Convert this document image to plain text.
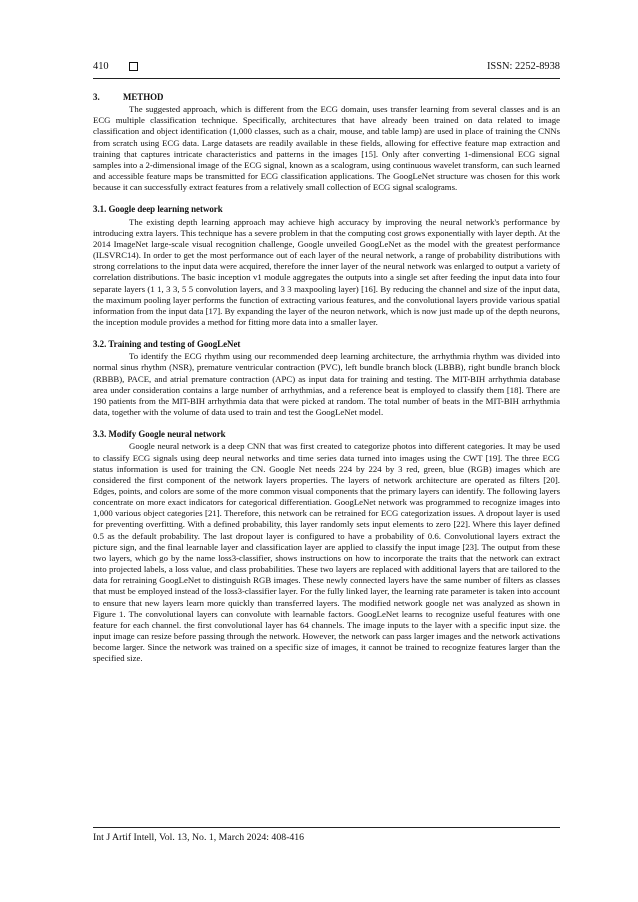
410	ISSN: 2252-8938
3.	METHOD

The suggested approach, which is different from the ECG domain, uses transfer learning from several classes and is an ECG multiple classification technique. Specifically, architectures that have already been trained on data related to image classification and object identification (1,000 classes, such as a chair, mouse, and table lamp) are used in place of training the CNNs from scratch using ECG data. Large datasets are readily available in these fields, allowing for effective feature map extraction and training that captures intricate characteristics and patterns in the images [15]. Only after converting 1-dimensional ECG signal samples into a 2-dimensional image of the ECG signal, known as a scalogram, using continuous wavelet transform, can such learned and accessible feature maps be transmitted for ECG classification applications. The GoogLeNet structure was chosen for this work because it can successfully extract features from a relatively small collection of ECG signal scalograms.

3.1. Google deep learning network

The existing depth learning approach may achieve high accuracy by improving the neural network's performance by introducing extra layers. This technique has a severe problem in that the computing cost grows exponentially with layer depth. At the 2014 ImageNet large-scale visual recognition challenge, Google unveiled GoogLeNet as the model with the greatest performance (ILSVRC14). In order to get the most performance out of each layer of the neural network, a range of probability distributions with strong correlations to the input data were acquired, therefore the inner layer of the neural network was enlarged to output a variety of correlation distributions. The basic inception v1 module aggregates the outputs into a single set after feeding the input data into four separate layers (1 1, 3 3, 5 5 convolution layers, and 3 3 maxpooling layer) [16]. By reducing the channel and size of the input data, the maximum pooling layer performs the function of extracting various features, and the convolutional layers provide various spatial information from the input data [17]. By expanding the layer of the neuron network, which is now just made up of the depth neurons, the inception module provides a method for fitting more data into a smaller layer.

3.2. Training and testing of GoogLeNet

To identify the ECG rhythm using our recommended deep learning architecture, the arrhythmia rhythm was divided into normal sinus rhythm (NSR), premature ventricular contraction (PVC), left bundle branch block (LBBB), right bundle branch block (RBBB), PACE, and atrial premature contraction (APC) as input data for training and testing. The MIT-BIH arrhythmia database area under consideration contains a large number of arrhythmias, and a reference beat is employed to classify them [18]. There are 190 patients from the MIT-BIH arrhythmia data that were picked at random. The total number of beats in the MIT-BIH arrhythmia data, together with the volume of data used to train and test the GoogLeNet model.

3.3. Modify Google neural network

Google neural network is a deep CNN that was first created to categorize photos into different categories. It may be used to classify ECG signals using deep neural networks and time series data turned into images using the CWT [19]. The three ECG status information is used for training the CN. Google Net needs 224 by 224 by 3 red, green, blue (RGB) images which are considered the first component of the network layers properties. The layers of network architecture are operated as filters [20]. Edges, points, and colors are some of the more common visual components that the primary layers can identify. The following layers concentrate on more exact indicators for categorical differentiation. GoogLeNet network was programmed to recognize images into 1,000 various object categories [21]. Therefore, this network can be retrained for ECG categorization issues. A dropout layer is used for preventing overfitting. With a defined probability, this layer randomly sets input elements to zero [22]. Where this layer defined 0.5 as the default probability. The last dropout layer is configured to have a probability of 0.6. Convolutional layers extract the picture sign, and the final learnable layer and classification layer are applied to classify the input image [23]. The output from these two layers, which go by the name loss3-classifier, shows instructions on how to incorporate the traits that the network can extract into projected labels, a loss value, and class probabilities. These two layers are replaced with additional layers that are tailored to the data for retraining GoogLeNet to distinguish RGB images. These newly connected layers have the same number of filters as classes that must be employed instead of the loss3-classifier layer. For the fully linked layer, the learning rate parameter is taken into account to ensure that new layers learn more quickly than transferred layers. The modified network google net was analyzed as shown in Figure 1. The convolutional layers can convolute with learnable factors. GoogLeNet learns to recognize useful features with one feature for each channel. the first convolutional layer has 64 channels. The image inputs to the layer with a specific input size. the input image can resize before passing through the network. However, the network can pass larger images and the network activations become larger. Since the network was trained on a specific size of images, it cannot be trained to recognize features larger than the specified size.

Int J Artif Intell, Vol. 13, No. 1, March 2024: 408-416
